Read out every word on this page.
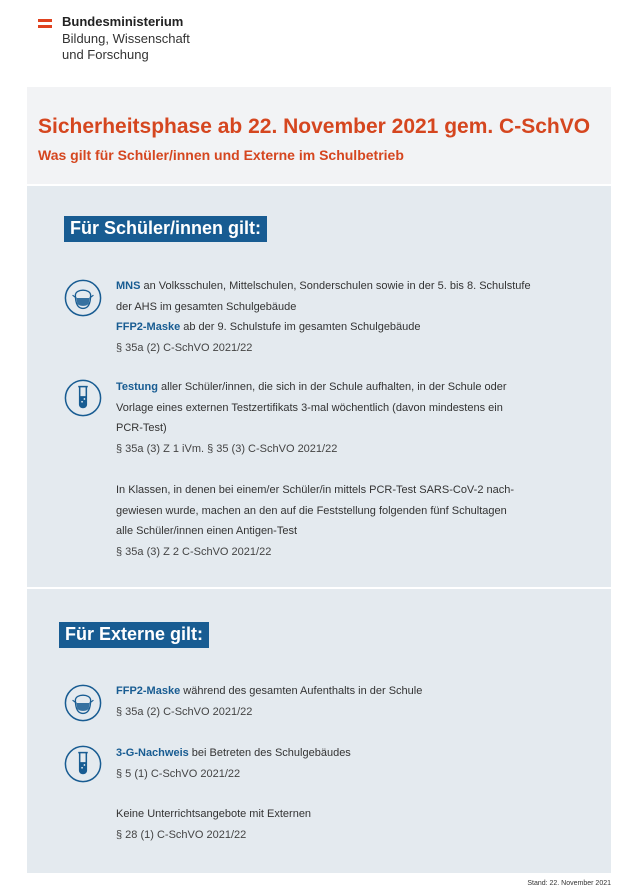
Bundesministerium
Bildung, Wissenschaft
und Forschung
Sicherheitsphase ab 22. November 2021 gem. C-SchVO
Was gilt für Schüler/innen und Externe im Schulbetrieb
Für Schüler/innen gilt:

MNS an Volksschulen, Mittelschulen, Sonderschulen sowie in der 5. bis 8. Schulstufe

der AHS im gesamten Schulgebäude

FFP2-Maske ab der 9. Schulstufe im gesamten Schulgebäude

§ 35a (2) C-SchVO 2021/22

Testung aller Schüler/innen, die sich in der Schule aufhalten, in der Schule oder

Vorlage eines externen Testzertifikats 3-mal wöchentlich (davon mindestens ein

PCR-Test)

§ 35a (3) Z 1 iVm. § 35 (3) C-SchVO 2021/22

In Klassen, in denen bei einem/er Schüler/in mittels PCR-Test SARS-CoV-2 nach-

gewiesen wurde, machen an den auf die Feststellung folgenden fünf Schultagen

alle Schüler/innen einen Antigen-Test

§ 35a (3) Z 2 C-SchVO 2021/22

Für Externe gilt:

FFP2-Maske während des gesamten Aufenthalts in der Schule

§ 35a (2) C-SchVO 2021/22

3-G-Nachweis bei Betreten des Schulgebäudes

§ 5 (1) C-SchVO 2021/22

Keine Unterrichtsangebote mit Externen

§ 28 (1) C-SchVO 2021/22

Stand: 22. November 2021
